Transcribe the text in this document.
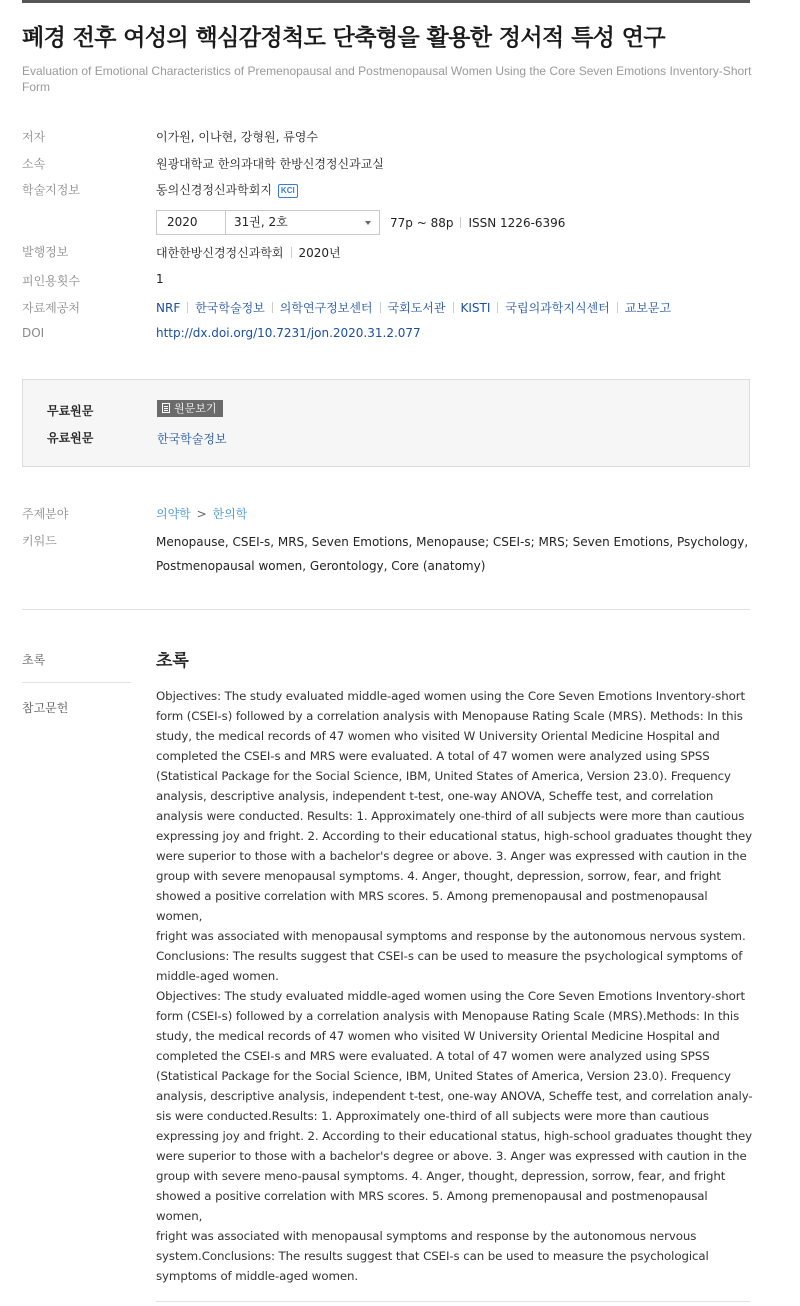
폐경 전후 여성의 핵심감정척도 단축형을 활용한 정서적 특성 연구
Evaluation of Emotional Characteristics of Premenopausal and Postmenopausal Women Using the Core Seven Emotions Inventory-Short Form
저자	이가원, 이나현, 강형원, 류영수
소속	원광대학교 한의과대학 한방신경정신과교실
학술지정보	동의신경정신과학회지 KCI
2020	31권, 2호	77p ~ 88p ISSN 1226-6396
발행정보	대한한방신경정신과학회 2020년
피인용횟수	1
자료제공처	NRF 한국학술정보 의학연구정보센터 국회도서관 KISTI 국립의과학지식센터 교보문고
DOI	http://dx.doi.org/10.7231/jon.2020.31.2.077
무료원문	원문보기
유료원문	한국학술정보
주제분야	의약학 > 한의학
키워드	Menopause, CSEI-s, MRS, Seven Emotions, Menopause; CSEI-s; MRS; Seven Emotions, Psychology,
Postmenopausal women, Gerontology, Core (anatomy)
초록
참고문헌
초록
Objectives: The study evaluated middle-aged women using the Core Seven Emotions Inventory-short
form (CSEI-s) followed by a correlation analysis with Menopause Rating Scale (MRS). Methods: In this
study, the medical records of 47 women who visited W University Oriental Medicine Hospital and
completed the CSEI-s and MRS were evaluated. A total of 47 women were analyzed using SPSS
(Statistical Package for the Social Science, IBM, United States of America, Version 23.0). Frequency
analysis, descriptive analysis, independent t-test, one-way ANOVA, Scheffe test, and correlation
analysis were conducted. Results: 1. Approximately one-third of all subjects were more than cautious
expressing joy and fright. 2. According to their educational status, high-school graduates thought they
were superior to those with a bachelor's degree or above. 3. Anger was expressed with caution in the
group with severe menopausal symptoms. 4. Anger, thought, depression, sorrow, fear, and fright
showed a positive correlation with MRS scores. 5. Among premenopausal and postmenopausal women,
fright was associated with menopausal symptoms and response by the autonomous nervous system.
Conclusions: The results suggest that CSEI-s can be used to measure the psychological symptoms of
middle-aged women.
Objectives: The study evaluated middle-aged women using the Core Seven Emotions Inventory-short
form (CSEI-s) followed by a correlation analysis with Menopause Rating Scale (MRS).Methods: In this
study, the medical records of 47 women who visited W University Oriental Medicine Hospital and
completed the CSEI-s and MRS were evaluated. A total of 47 women were analyzed using SPSS
(Statistical Package for the Social Science, IBM, United States of America, Version 23.0). Frequency
analysis, descriptive analysis, independent t-test, one-way ANOVA, Scheffe test, and correlation analy-
sis were conducted.Results: 1. Approximately one-third of all subjects were more than cautious
expressing joy and fright. 2. According to their educational status, high-school graduates thought they
were superior to those with a bachelor's degree or above. 3. Anger was expressed with caution in the
group with severe meno-pausal symptoms. 4. Anger, thought, depression, sorrow, fear, and fright
showed a positive correlation with MRS scores. 5. Among premenopausal and postmenopausal women,
fright was associated with menopausal symptoms and response by the autonomous nervous
system.Conclusions: The results suggest that CSEI-s can be used to measure the psychological
symptoms of middle-aged women.
